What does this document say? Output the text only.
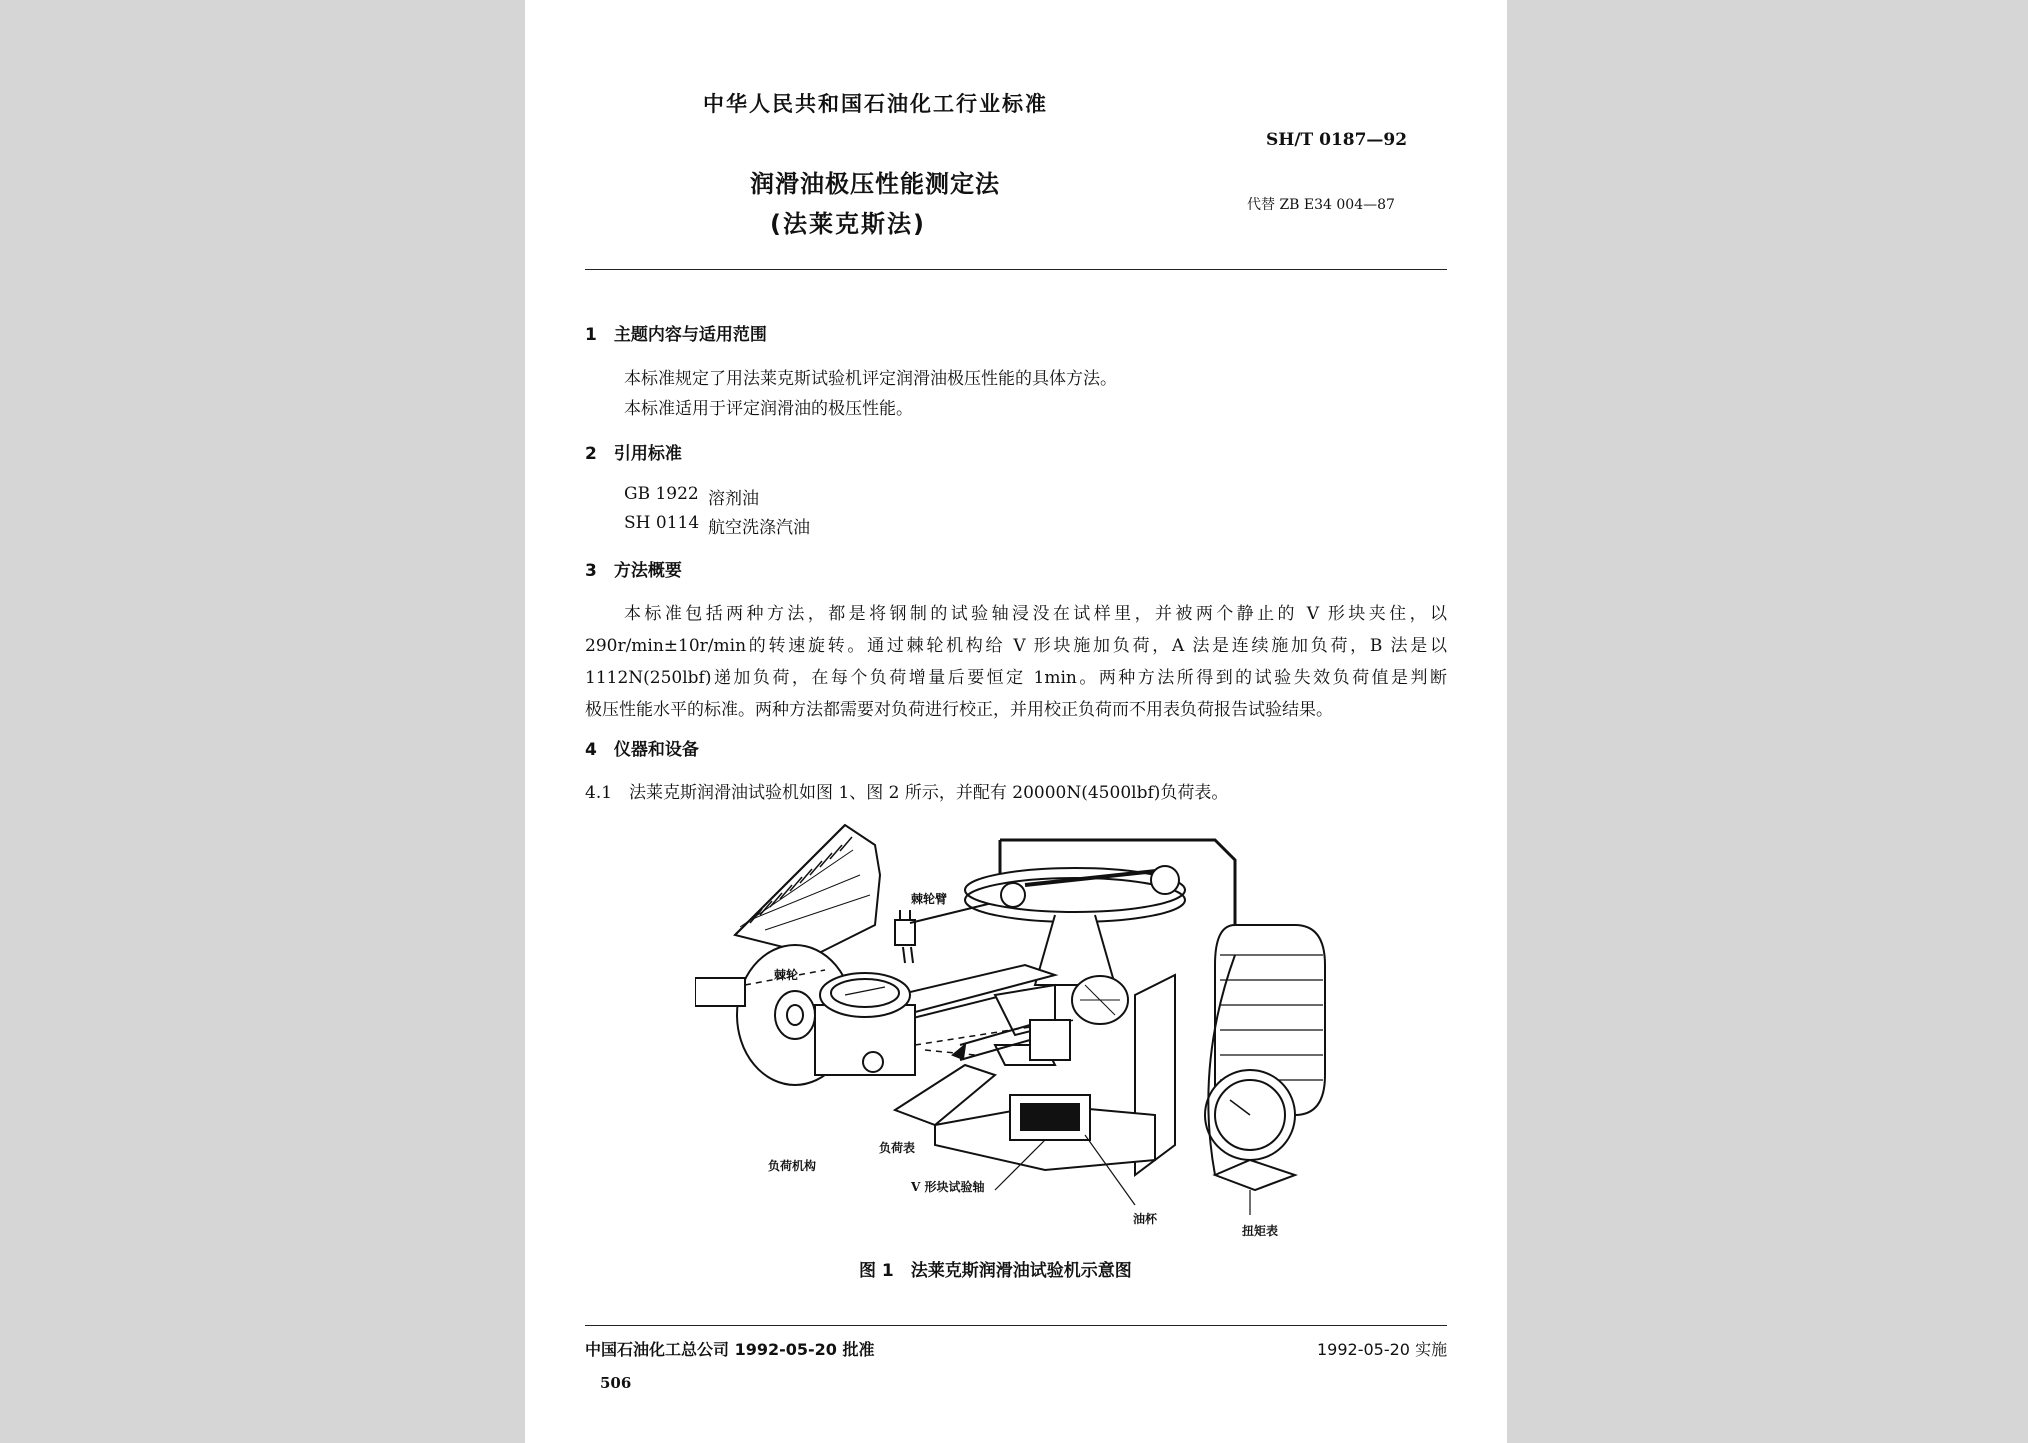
中华人民共和国石油化工行业标准
SH/T 0187—92
润滑油极压性能测定法
(法莱克斯法)
代替 ZB E34 004—87
1　主题内容与适用范围
本标准规定了用法莱克斯试验机评定润滑油极压性能的具体方法。
本标准适用于评定润滑油的极压性能。
2　引用标准
GB 1922 溶剂油
SH 0114 航空洗涤汽油
3　方法概要
本标准包括两种方法，都是将钢制的试验轴浸没在试样里，并被两个静止的 V 形块夹住，以
290r/min±10r/min的转速旋转。通过棘轮机构给 V 形块施加负荷，A 法是连续施加负荷，B 法是以
1112N(250lbf)递加负荷，在每个负荷增量后要恒定 1min。两种方法所得到的试验失效负荷值是判断
极压性能水平的标准。两种方法都需要对负荷进行校正，并用校正负荷而不用表负荷报告试验结果。
4　仪器和设备
4.1　法莱克斯润滑油试验机如图 1、图 2 所示，并配有 20000N(4500lbf)负荷表。
棘轮臂
棘轮
负荷机构
负荷表
V 形块试验轴
油杯
扭矩表
图 1　法莱克斯润滑油试验机示意图
中国石油化工总公司 1992-05-20 批准	1992-05-20 实施
506
